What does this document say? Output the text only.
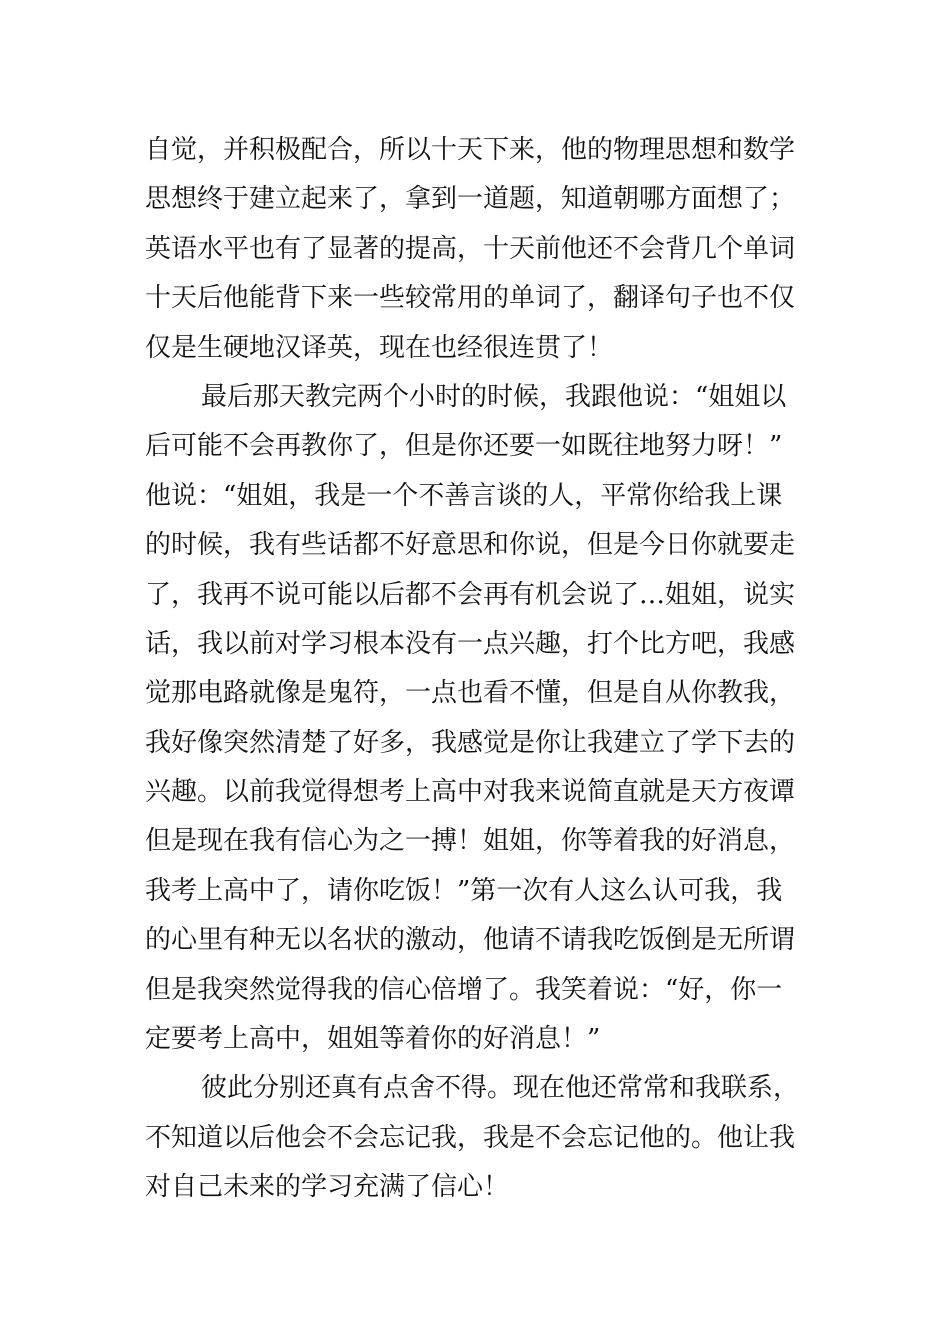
自觉，并积极配合，所以十天下来，他的物理思想和数学
思想终于建立起来了，拿到一道题，知道朝哪方面想了；
英语水平也有了显著的提高，十天前他还不会背几个单词
十天后他能背下来一些较常用的单词了，翻译句子也不仅
仅是生硬地汉译英，现在也经很连贯了！
最后那天教完两个小时的时候，我跟他说：“姐姐以
后可能不会再教你了，但是你还要一如既往地努力呀！”
他说：“姐姐，我是一个不善言谈的人，平常你给我上课
的时候，我有些话都不好意思和你说，但是今日你就要走
了，我再不说可能以后都不会再有机会说了…姐姐，说实
话，我以前对学习根本没有一点兴趣，打个比方吧，我感
觉那电路就像是鬼符，一点也看不懂，但是自从你教我，
我好像突然清楚了好多，我感觉是你让我建立了学下去的
兴趣。以前我觉得想考上高中对我来说简直就是天方夜谭
但是现在我有信心为之一搏！姐姐，你等着我的好消息，
我考上高中了，请你吃饭！”第一次有人这么认可我，我
的心里有种无以名状的激动，他请不请我吃饭倒是无所谓
但是我突然觉得我的信心倍增了。我笑着说：“好，你一
定要考上高中，姐姐等着你的好消息！”
彼此分别还真有点舍不得。现在他还常常和我联系，
不知道以后他会不会忘记我，我是不会忘记他的。他让我
对自己未来的学习充满了信心！
